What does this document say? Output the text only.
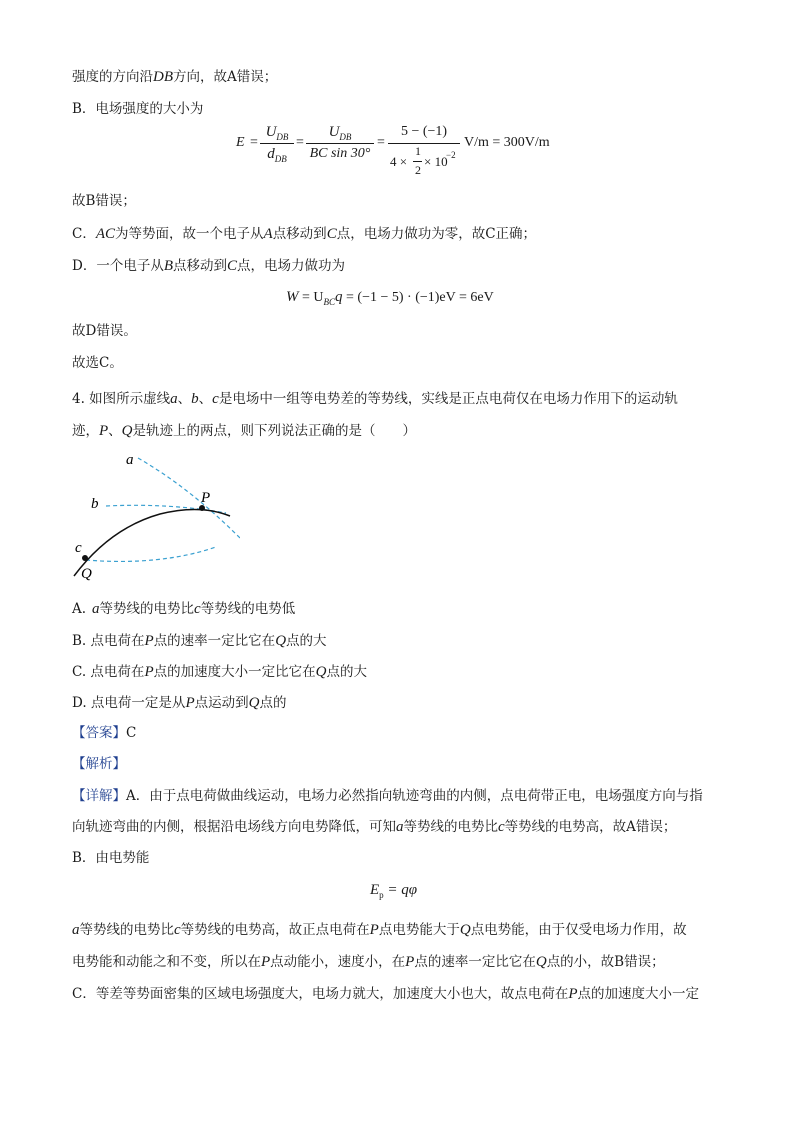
强度的方向沿DB方向，故A错误；
B．电场强度的大小为
E =
$U_{DB}$
$d_{DB}$
=
$U_{DB}$
BC sin 30°
=
5 − (−1)
4 ×
1
2
× 10
−2
V/m = 300V/m
故B错误；
C．AC为等势面，故一个电子从A点移动到C点，电场力做功为零，故C正确；
D．一个电子从B点移动到C点，电场力做功为
$W = U_{BC}q = (-1 - 5) \cdot (-1)eV = 6eV$
故D错误。
故选C。
4. 如图所示虚线a、b、c是电场中一组等电势差的等势线，实线是正点电荷仅在电场力作用下的运动轨
迹，P、Q是轨迹上的两点，则下列说法正确的是（　　）
a
b
c
P
Q
A. a等势线的电势比c等势线的电势低
B. 点电荷在P点的速率一定比它在Q点的大
C. 点电荷在P点的加速度大小一定比它在Q点的大
D. 点电荷一定是从P点运动到Q点的
【答案】C
【解析】
【详解】A．由于点电荷做曲线运动，电场力必然指向轨迹弯曲的内侧，点电荷带正电，电场强度方向与指
向轨迹弯曲的内侧，根据沿电场线方向电势降低，可知a等势线的电势比c等势线的电势高，故A错误；
B．由电势能
$E_p = q\varphi$
a等势线的电势比c等势线的电势高，故正点电荷在P点电势能大于Q点电势能，由于仅受电场力作用，故
电势能和动能之和不变，所以在P点动能小，速度小，在P点的速率一定比它在Q点的小，故B错误；
C．等差等势面密集的区域电场强度大，电场力就大，加速度大小也大，故点电荷在P点的加速度大小一定
